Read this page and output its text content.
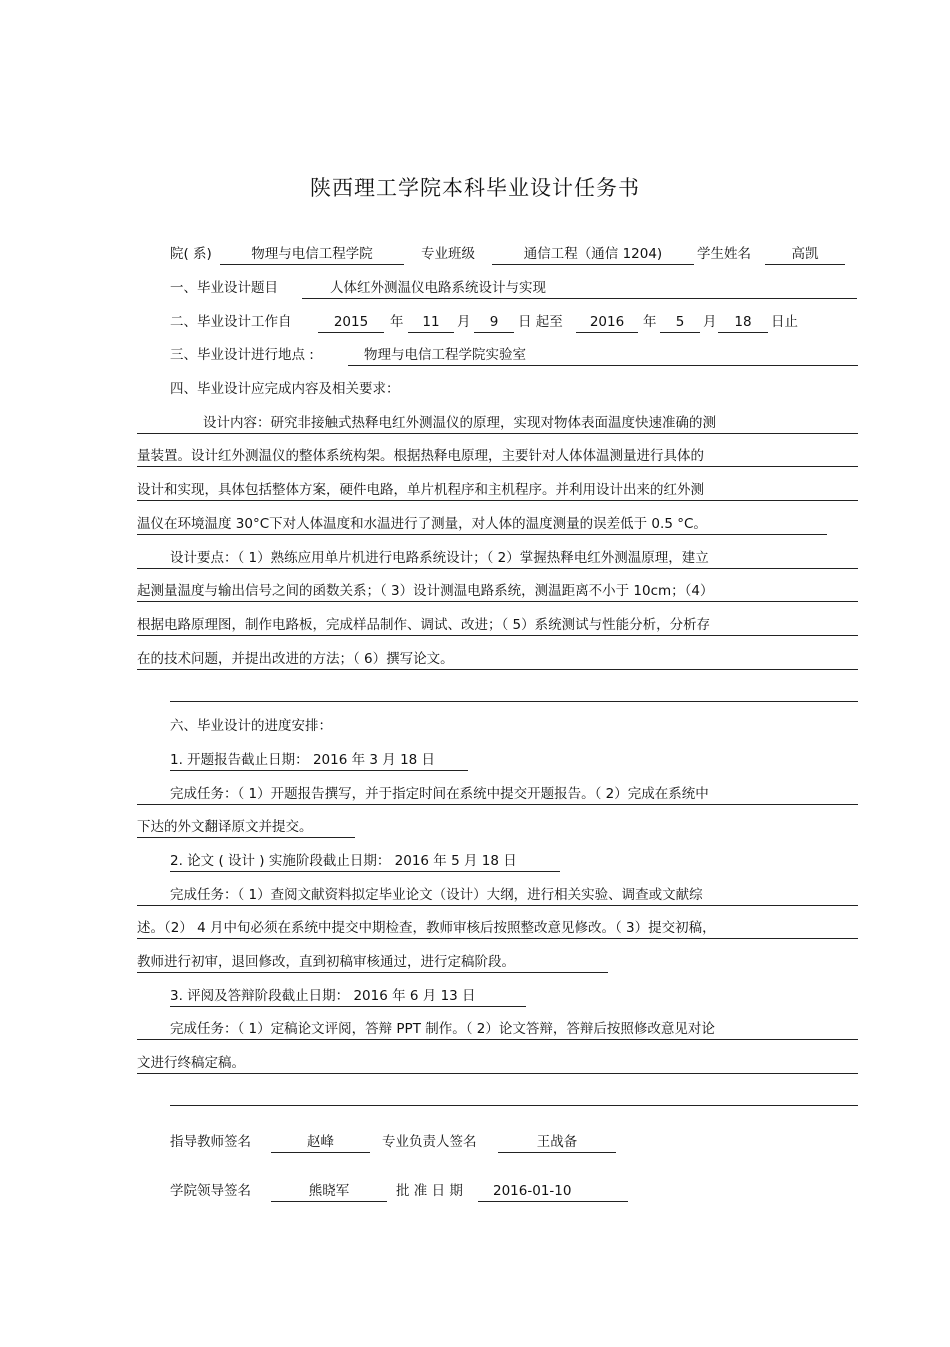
陕西理工学院本科毕业设计任务书
院( 系)	物理与电信工程学院	专业班级	通信工程（通信 1204)	学生姓名	高凯
一、毕业设计题目	人体红外测温仪电路系统设计与实现
二、毕业设计工作自	2015	年	11	月	9	日 起至	2016	年	5	月	18	日止
三、毕业设计进行地点 :	物理与电信工程学院实验室
四、毕业设计应完成内容及相关要求：
设计内容：研究非接触式热释电红外测温仪的原理，实现对物体表面温度快速准确的测
量装置。设计红外测温仪的整体系统构架。根据热释电原理，主要针对人体体温测量进行具体的
设计和实现，具体包括整体方案，硬件电路，单片机程序和主机程序。并利用设计出来的红外测
温仪在环境温度 30°C下对人体温度和水温进行了测量，对人体的温度测量的误差低于 0.5 °C。
设计要点：（ 1）熟练应用单片机进行电路系统设计；（ 2）掌握热释电红外测温原理，建立
起测量温度与输出信号之间的函数关系；（ 3）设计测温电路系统，测温距离不小于 10cm；（4）
根据电路原理图，制作电路板，完成样品制作、调试、改进；（ 5）系统测试与性能分析，分析存
在的技术问题，并提出改进的方法；（ 6）撰写论文。
六、毕业设计的进度安排：
1. 开题报告截止日期： 2016 年 3 月 18 日
完成任务：（ 1）开题报告撰写，并于指定时间在系统中提交开题报告。（ 2）完成在系统中
下达的外文翻译原文并提交。
2. 论文 ( 设计 ) 实施阶段截止日期： 2016 年 5 月 18 日
完成任务：（ 1）查阅文献资料拟定毕业论文（设计）大纲，进行相关实验、调查或文献综
述。（2） 4 月中旬必须在系统中提交中期检查，教师审核后按照整改意见修改。（ 3）提交初稿，
教师进行初审，退回修改，直到初稿审核通过，进行定稿阶段。
3. 评阅及答辩阶段截止日期： 2016 年 6 月 13 日
完成任务：（ 1）定稿论文评阅，答辩 PPT 制作。（ 2）论文答辩，答辩后按照修改意见对论
文进行终稿定稿。
指导教师签名	赵峰	专业负责人签名	王战备
学院领导签名	熊晓军	批 准 日 期	2016-01-10
